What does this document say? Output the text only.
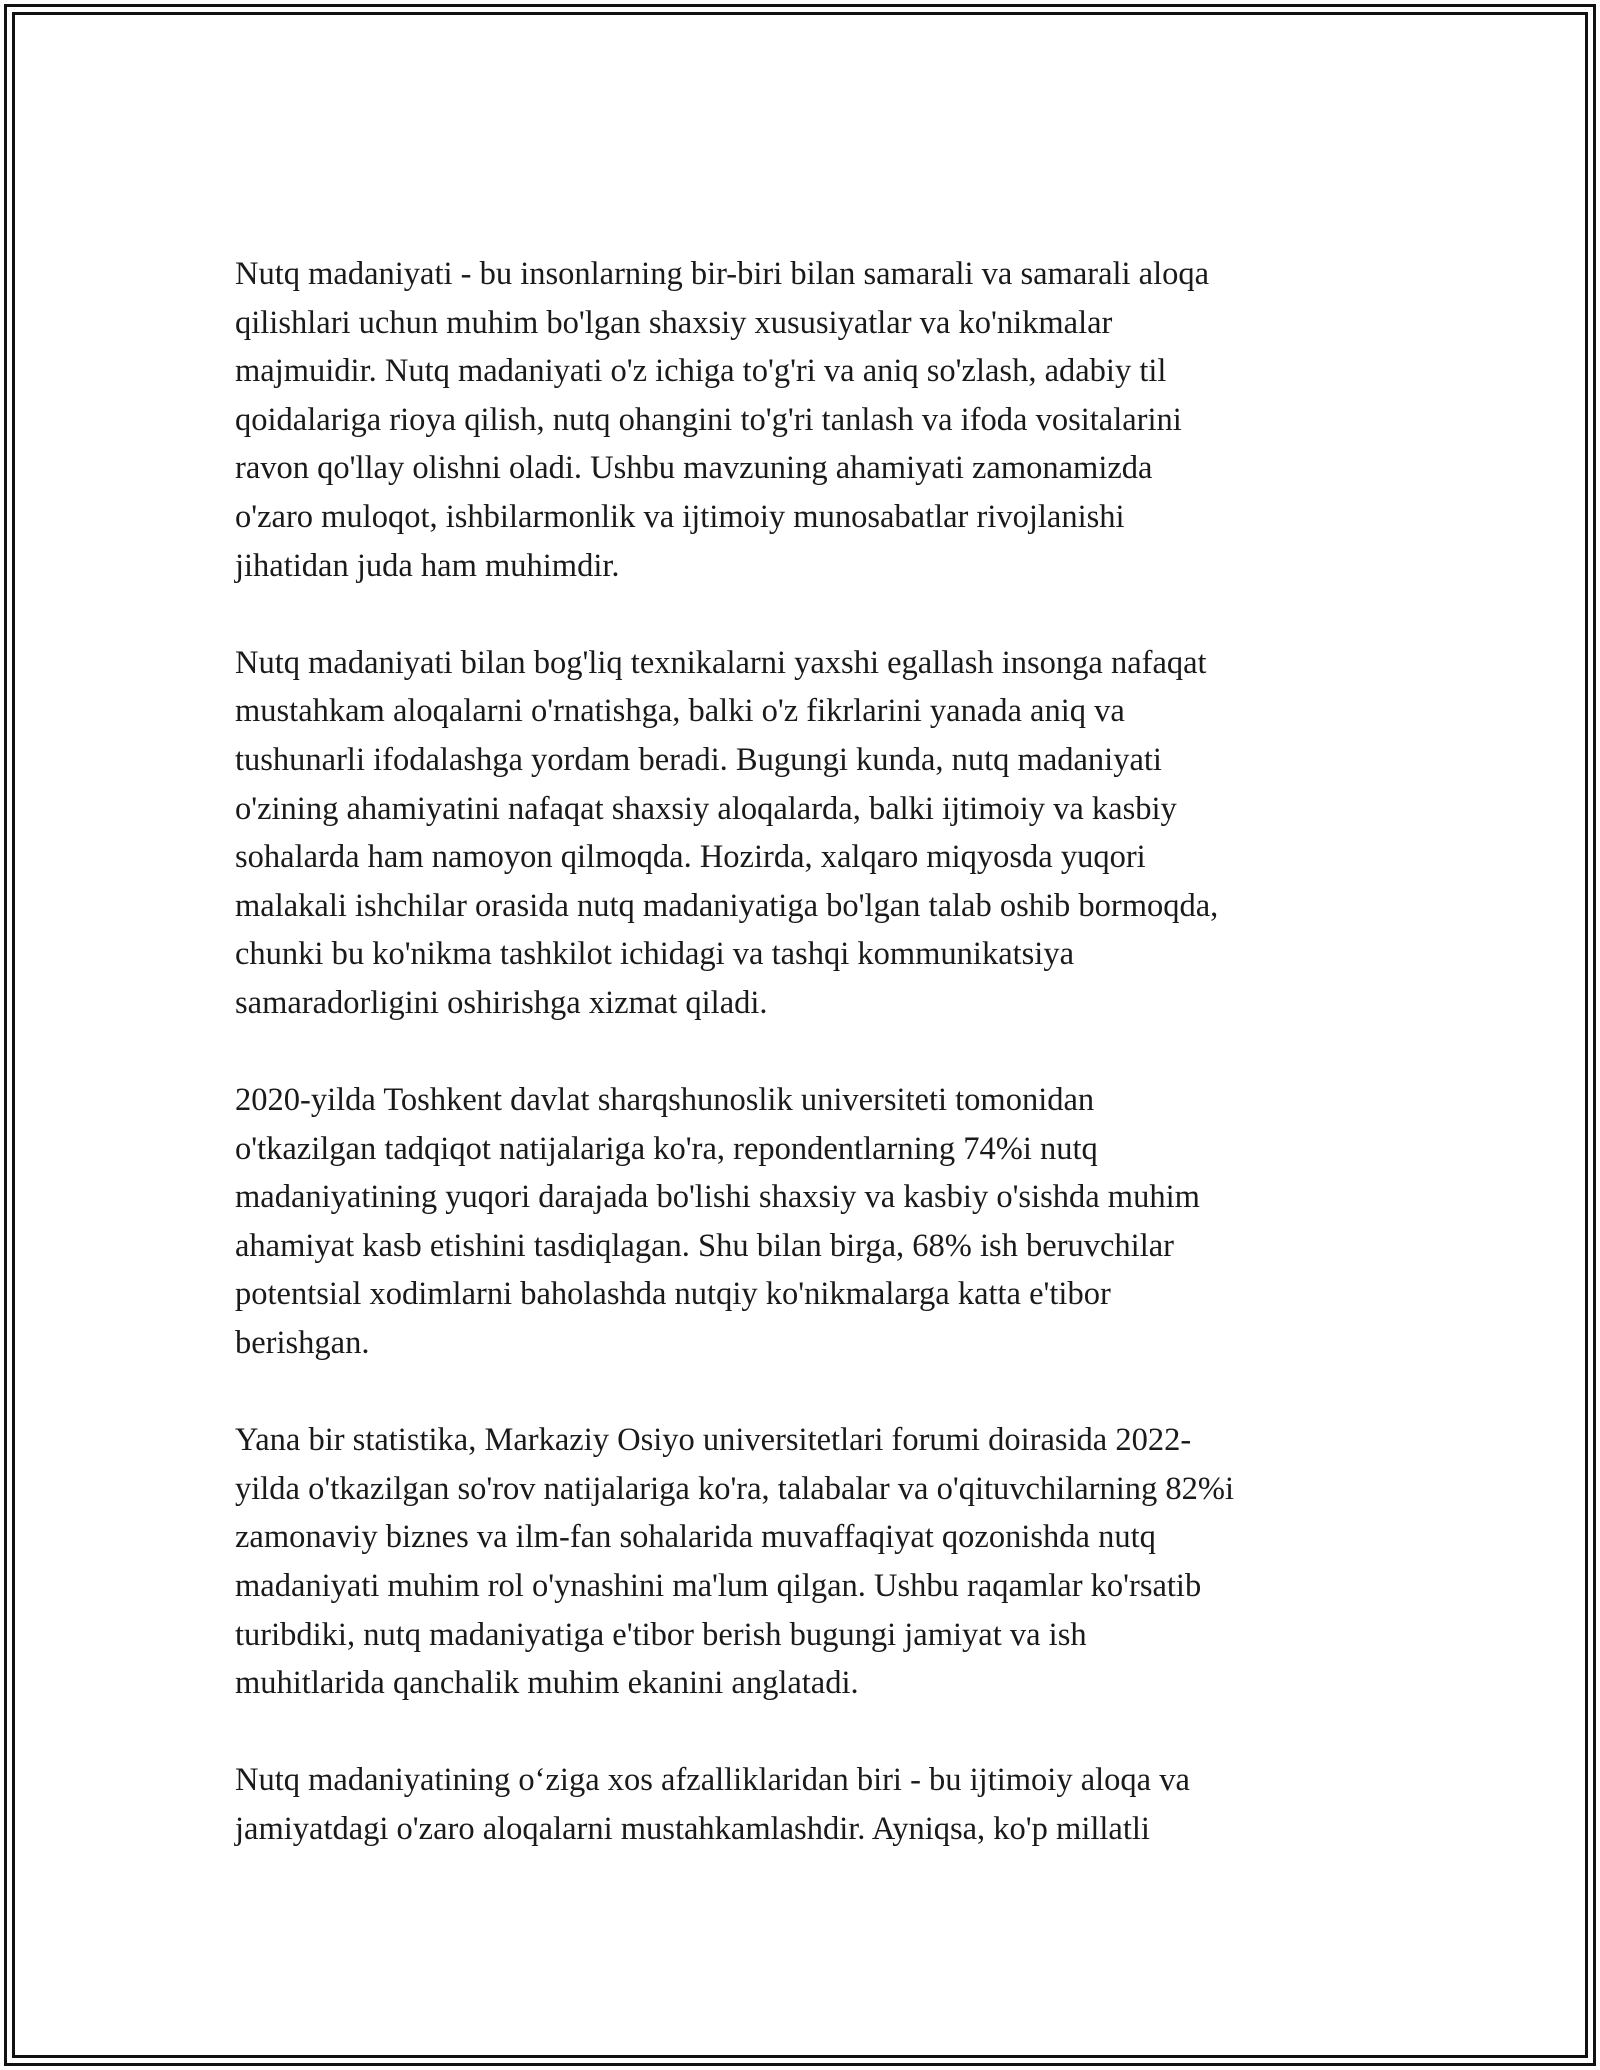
Nutq madaniyati - bu insonlarning bir-biri bilan samarali va samarali aloqa
qilishlari uchun muhim bo'lgan shaxsiy xususiyatlar va ko'nikmalar
majmuidir. Nutq madaniyati o'z ichiga to'g'ri va aniq so'zlash, adabiy til
qoidalariga rioya qilish, nutq ohangini to'g'ri tanlash va ifoda vositalarini
ravon qo'llay olishni oladi. Ushbu mavzuning ahamiyati zamonamizda
o'zaro muloqot, ishbilarmonlik va ijtimoiy munosabatlar rivojlanishi
jihatidan juda ham muhimdir.

Nutq madaniyati bilan bog'liq texnikalarni yaxshi egallash insonga nafaqat
mustahkam aloqalarni o'rnatishga, balki o'z fikrlarini yanada aniq va
tushunarli ifodalashga yordam beradi. Bugungi kunda, nutq madaniyati
o'zining ahamiyatini nafaqat shaxsiy aloqalarda, balki ijtimoiy va kasbiy
sohalarda ham namoyon qilmoqda. Hozirda, xalqaro miqyosda yuqori
malakali ishchilar orasida nutq madaniyatiga bo'lgan talab oshib bormoqda,
chunki bu ko'nikma tashkilot ichidagi va tashqi kommunikatsiya
samaradorligini oshirishga xizmat qiladi.

2020-yilda Toshkent davlat sharqshunoslik universiteti tomonidan
o'tkazilgan tadqiqot natijalariga ko'ra, repondentlarning 74%i nutq
madaniyatining yuqori darajada bo'lishi shaxsiy va kasbiy o'sishda muhim
ahamiyat kasb etishini tasdiqlagan. Shu bilan birga, 68% ish beruvchilar
potentsial xodimlarni baholashda nutqiy ko'nikmalarga katta e'tibor
berishgan.

Yana bir statistika, Markaziy Osiyo universitetlari forumi doirasida 2022-
yilda o'tkazilgan so'rov natijalariga ko'ra, talabalar va o'qituvchilarning 82%i
zamonaviy biznes va ilm-fan sohalarida muvaffaqiyat qozonishda nutq
madaniyati muhim rol o'ynashini ma'lum qilgan. Ushbu raqamlar ko'rsatib
turibdiki, nutq madaniyatiga e'tibor berish bugungi jamiyat va ish
muhitlarida qanchalik muhim ekanini anglatadi.

Nutq madaniyatining o‘ziga xos afzalliklaridan biri - bu ijtimoiy aloqa va
jamiyatdagi o'zaro aloqalarni mustahkamlashdir. Ayniqsa, ko'p millatli
